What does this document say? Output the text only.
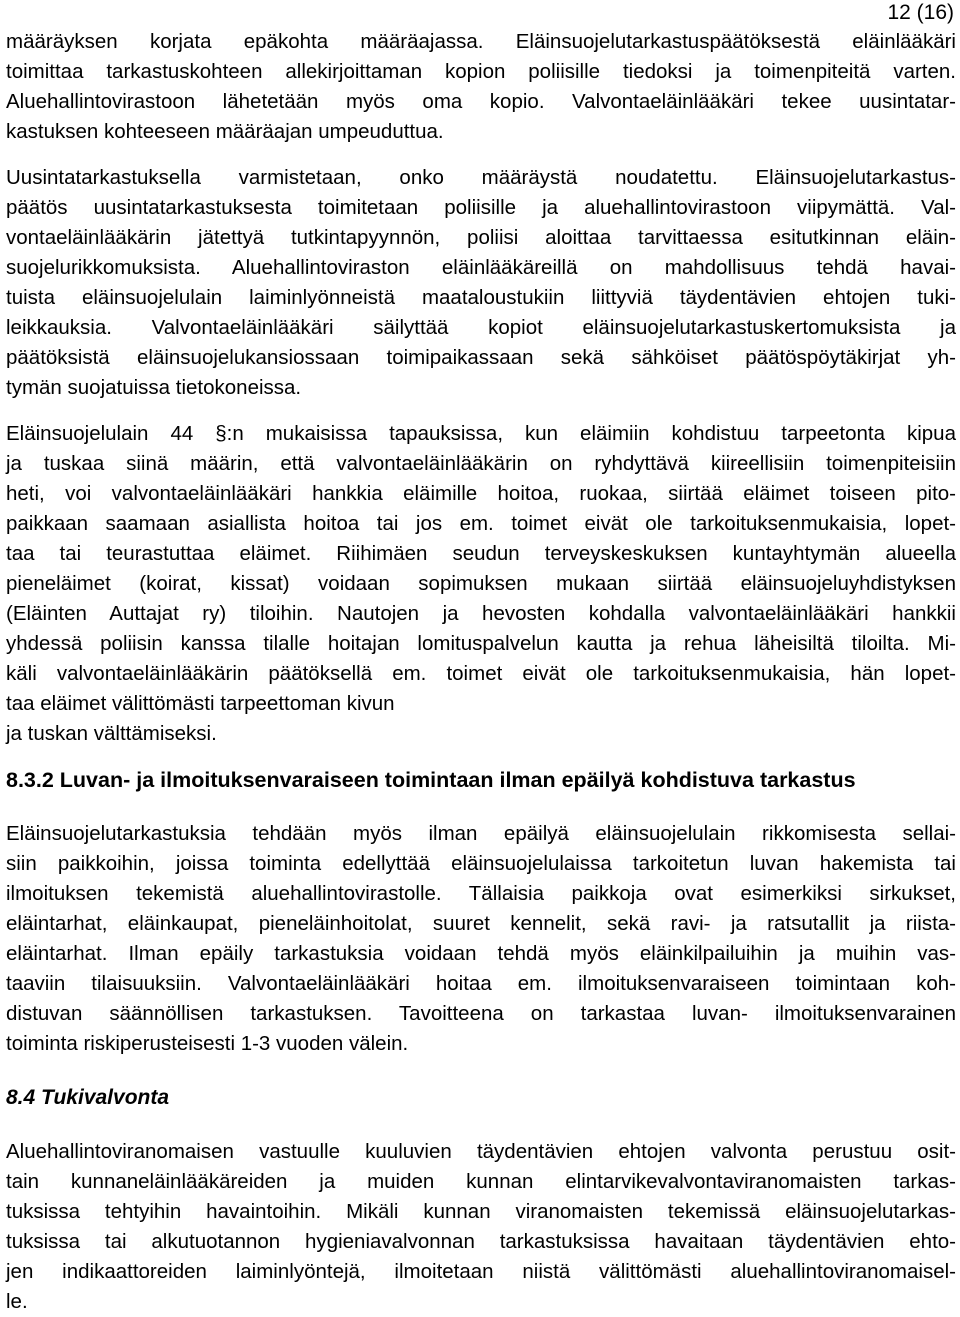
12 (16)
määräyksen korjata epäkohta määräajassa. Eläinsuojelutarkastuspäätöksestä eläinlääkäri
toimittaa tarkastuskohteen allekirjoittaman kopion poliisille tiedoksi ja toimenpiteitä varten.
Aluehallintovirastoon lähetetään myös oma kopio. Valvontaeläinlääkäri tekee uusintatar-
kastuksen kohteeseen määräajan umpeuduttua.
Uusintatarkastuksella varmistetaan, onko määräystä noudatettu. Eläinsuojelutarkastus-
päätös uusintatarkastuksesta toimitetaan poliisille ja aluehallintovirastoon viipymättä. Val-
vontaeläinlääkärin jätettyä tutkintapyynnön, poliisi aloittaa tarvittaessa esitutkinnan eläin-
suojelurikkomuksista. Aluehallintoviraston eläinlääkäreillä on mahdollisuus tehdä havai-
tuista eläinsuojelulain laiminlyönneistä maataloustukiin liittyviä täydentävien ehtojen tuki-
leikkauksia. Valvontaeläinlääkäri säilyttää kopiot eläinsuojelutarkastuskertomuksista ja
päätöksistä eläinsuojelukansiossaan toimipaikassaan sekä sähköiset päätöspöytäkirjat yh-
tymän suojatuissa tietokoneissa.
Eläinsuojelulain 44 §:n mukaisissa tapauksissa, kun eläimiin kohdistuu tarpeetonta kipua
ja tuskaa siinä määrin, että valvontaeläinlääkärin on ryhdyttävä kiireellisiin toimenpiteisiin
heti, voi valvontaeläinlääkäri hankkia eläimille hoitoa, ruokaa, siirtää eläimet toiseen pito-
paikkaan saamaan asiallista hoitoa tai jos em. toimet eivät ole tarkoituksenmukaisia, lopet-
taa tai teurastuttaa eläimet. Riihimäen seudun terveyskeskuksen kuntayhtymän alueella
pieneläimet (koirat, kissat) voidaan sopimuksen mukaan siirtää eläinsuojeluyhdistyksen
(Eläinten Auttajat ry) tiloihin. Nautojen ja hevosten kohdalla valvontaeläinlääkäri hankkii
yhdessä poliisin kanssa tilalle hoitajan lomituspalvelun kautta ja rehua läheisiltä tiloilta. Mi-
käli valvontaeläinlääkärin päätöksellä em. toimet eivät ole tarkoituksenmukaisia, hän lopet-
taa eläimet välittömästi tarpeettoman kivun
ja tuskan välttämiseksi.
8.3.2 Luvan- ja ilmoituksenvaraiseen toimintaan ilman epäilyä kohdistuva tarkastus
Eläinsuojelutarkastuksia tehdään myös ilman epäilyä eläinsuojelulain rikkomisesta sellai-
siin paikkoihin, joissa toiminta edellyttää eläinsuojelulaissa tarkoitetun luvan hakemista tai
ilmoituksen tekemistä aluehallintovirastolle. Tällaisia paikkoja ovat esimerkiksi sirkukset,
eläintarhat, eläinkaupat, pieneläinhoitolat, suuret kennelit, sekä ravi- ja ratsutallit ja riista-
eläintarhat. Ilman epäily tarkastuksia voidaan tehdä myös eläinkilpailuihin ja muihin vas-
taaviin tilaisuuksiin. Valvontaeläinlääkäri hoitaa em. ilmoituksenvaraiseen toimintaan koh-
distuvan säännöllisen tarkastuksen. Tavoitteena on tarkastaa luvan- ilmoituksenvarainen
toiminta riskiperusteisesti 1-3 vuoden välein.
8.4 Tukivalvonta
Aluehallintoviranomaisen vastuulle kuuluvien täydentävien ehtojen valvonta perustuu osit-
tain kunnaneläinlääkäreiden ja muiden kunnan elintarvikevalvontaviranomaisten tarkas-
tuksissa tehtyihin havaintoihin. Mikäli kunnan viranomaisten tekemissä eläinsuojelutarkas-
tuksissa tai alkutuotannon hygieniavalvonnan tarkastuksissa havaitaan täydentävien ehto-
jen indikaattoreiden laiminlyöntejä, ilmoitetaan niistä välittömästi aluehallintoviranomaisel-
le.
